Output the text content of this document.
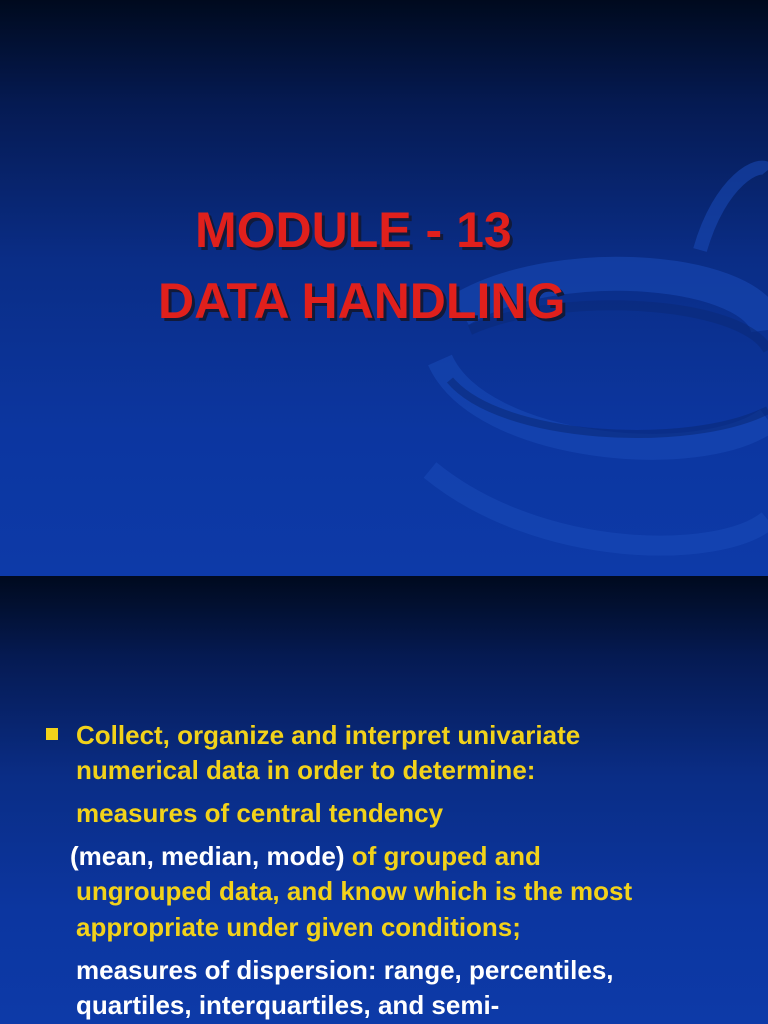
MODULE - 13
DATA HANDLING
Collect, organize and interpret univariate
numerical data in order to determine:
measures of central tendency
(mean, median, mode) of grouped and
ungrouped data, and know which is the most
appropriate under given conditions;
measures of dispersion: range, percentiles,
quartiles, interquartiles, and semi-
